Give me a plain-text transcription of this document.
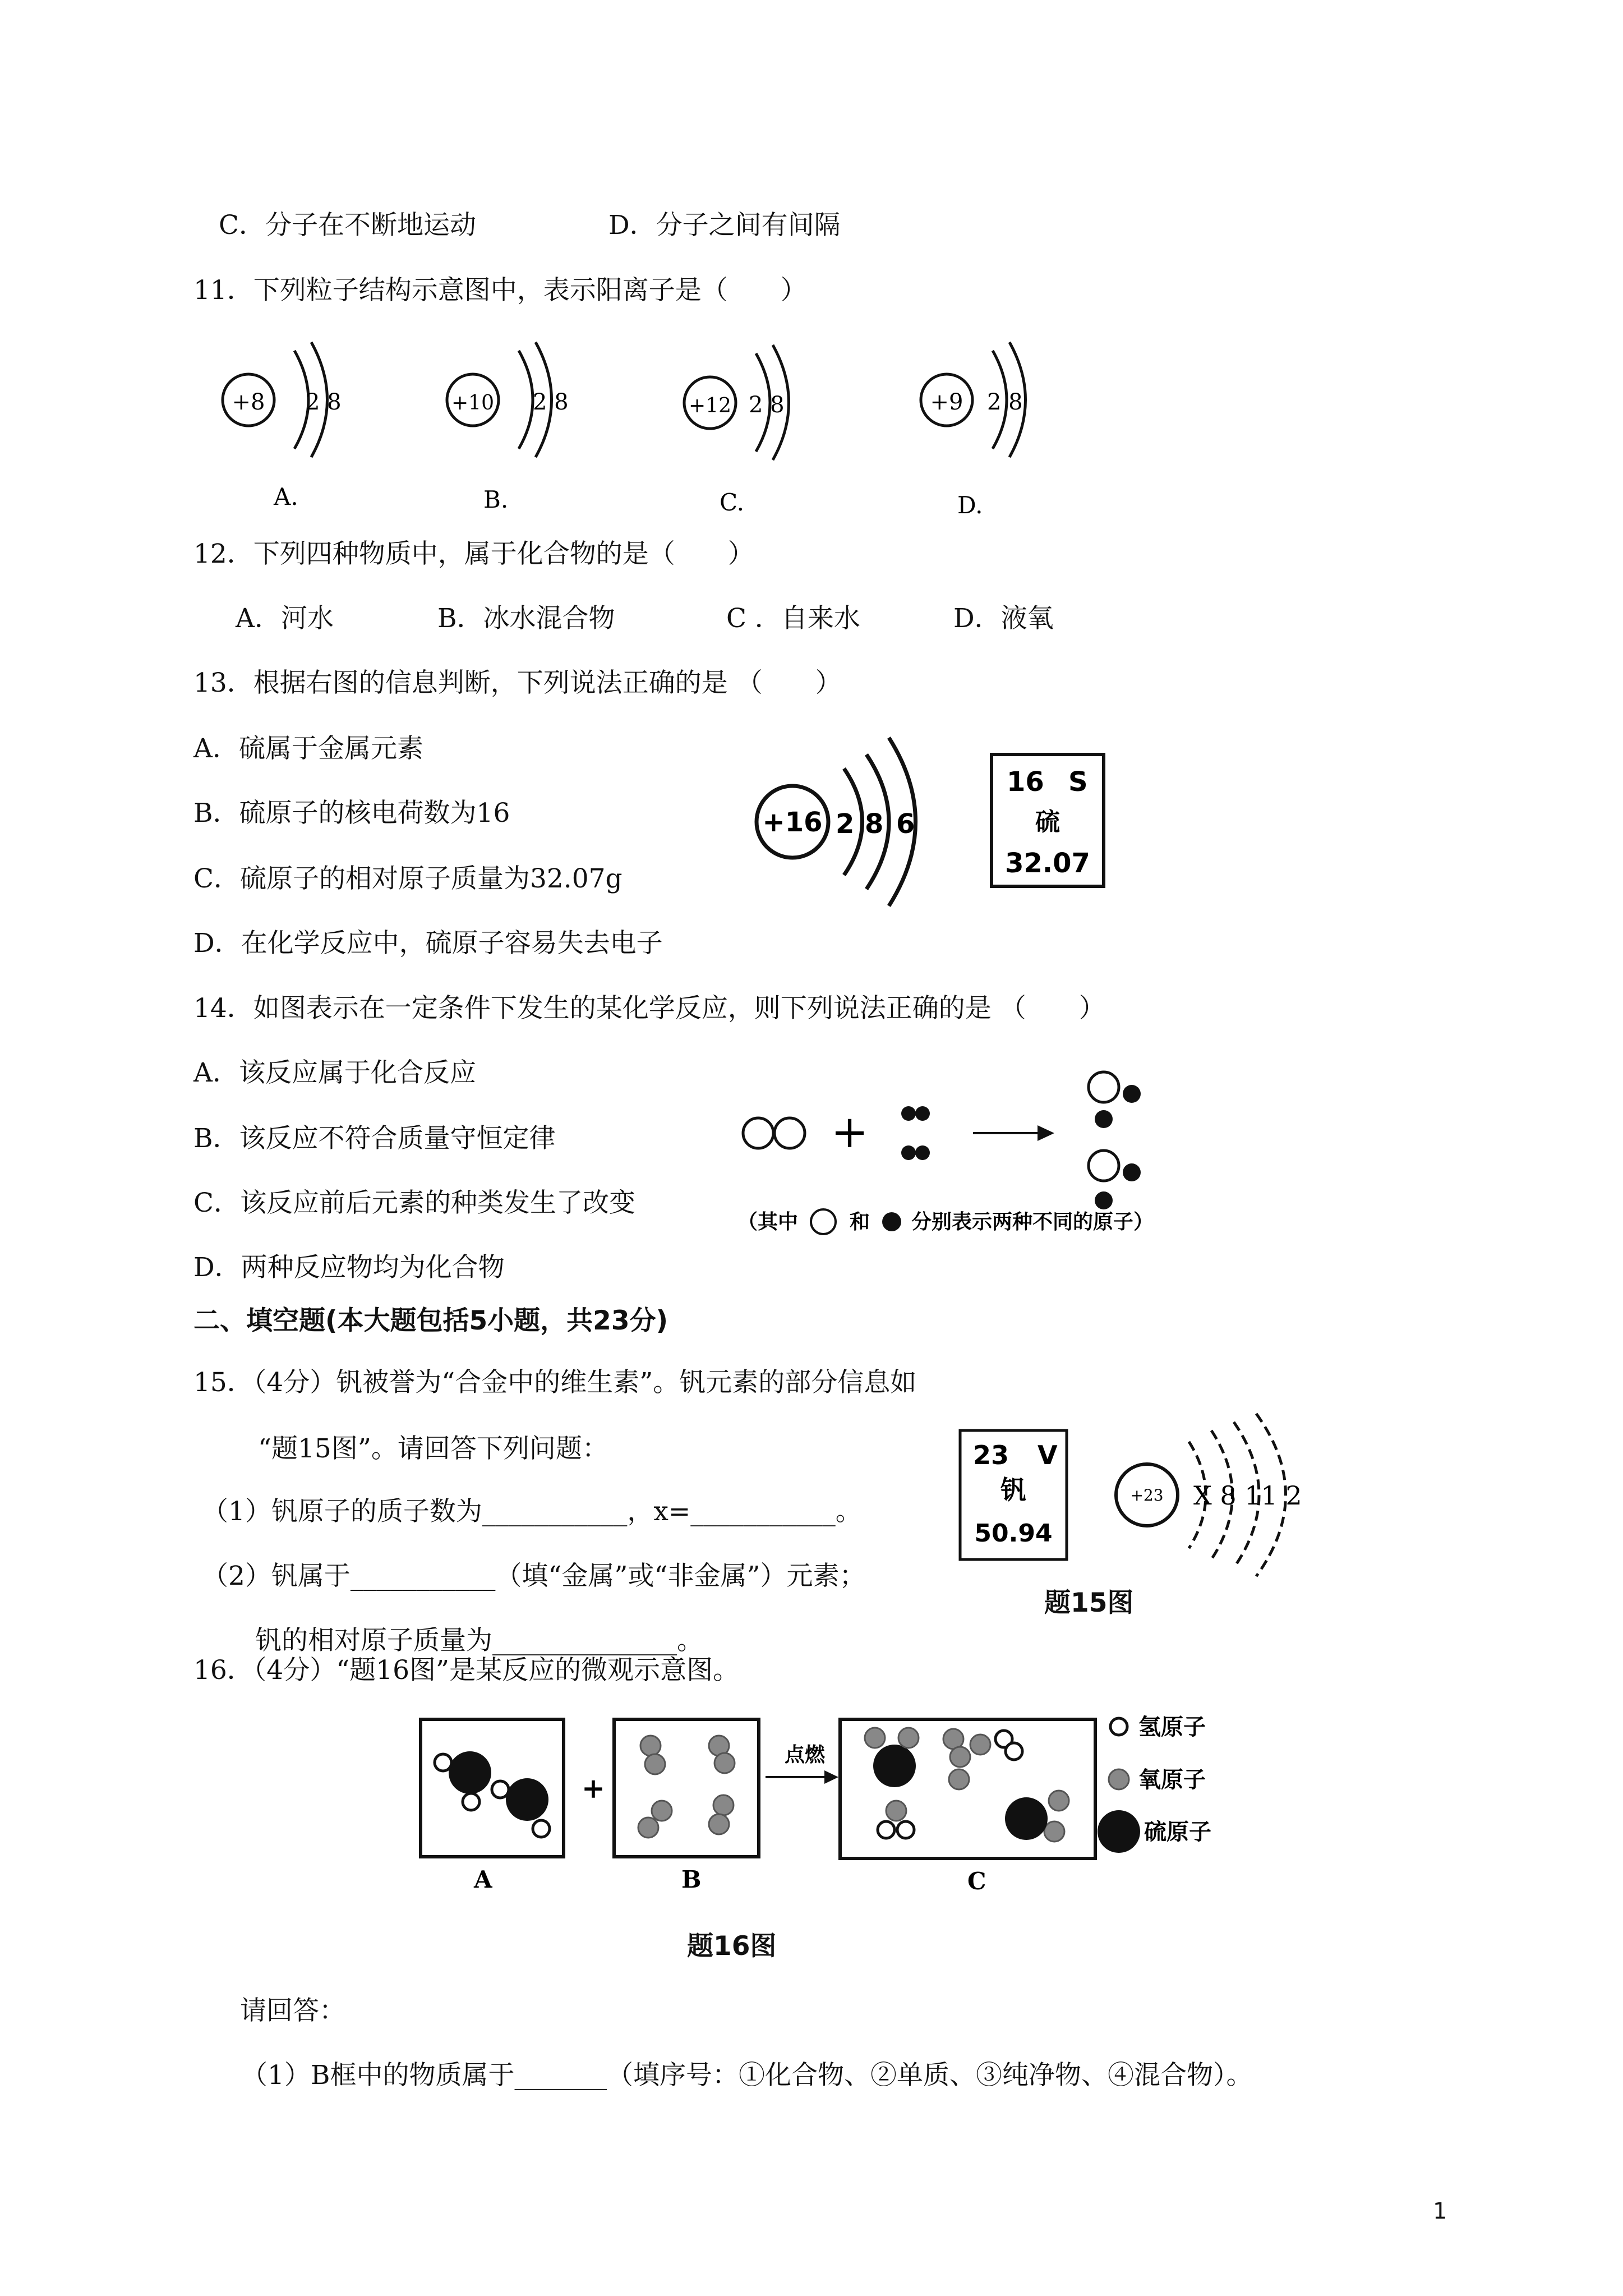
C．分子在不断地运动	D．分子之间有间隔
11．下列粒子结构示意图中，表示阳离子是（　　）
+8 2 8	+10 2 8	+12 2 8	+9 2 8
A.	B.	C.	D.
12．下列四种物质中，属于化合物的是（　　）
A．河水	B．冰水混合物	C ．自来水	D．液氧
13．根据右图的信息判断，下列说法正确的是 （　　）
A．硫属于金属元素
B．硫原子的核电荷数为16
C．硫原子的相对原子质量为32.07g
D．在化学反应中，硫原子容易失去电子
+16 2 8 6
16 S
硫
32.07
14．如图表示在一定条件下发生的某化学反应，则下列说法正确的是 （　　）
A．该反应属于化合反应
B．该反应不符合质量守恒定律
C．该反应前后元素的种类发生了改变
D．两种反应物均为化合物
+
（其中	和 分别表示两种不同的原子）
二、填空题(本大题包括5小题，共23分)
15．（4分）钒被誉为“合金中的维生素”。钒元素的部分信息如
“题15图”。请回答下列问题：
（1）钒原子的质子数为___________，x=___________。
（2）钒属于___________（填“金属”或“非金属”）元素；
钒的相对原子质量为______________。
23 V
钒
50.94
+23 X 8 11 2
题15图
16．（4分）“题16图”是某反应的微观示意图。
A
+
B
点燃
C
氢原子
氧原子
硫原子
题16图
请回答：
（1）B框中的物质属于_______（填序号：①化合物、②单质、③纯净物、④混合物）。
1
